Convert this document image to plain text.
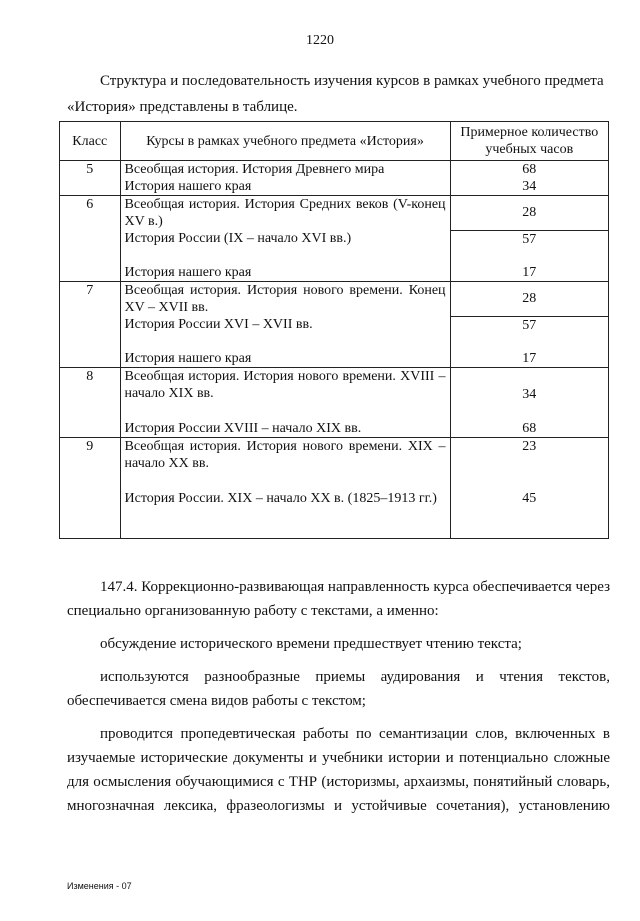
1220
Структура и последовательность изучения курсов в рамках учебного предмета
«История» представлены в таблице.
Класс	Курсы в рамках учебного предмета «История»	Примерное количество учебных часов
5	Всеобщая история. История Древнего мира	68
	История нашего края	34
6	Всеобщая история. История Средних веков (V-конец XV в.)	28
	История России (IX – начало XVI вв.)	57
	История нашего края	17
7	Всеобщая история. История нового времени. Конец XV – XVII вв.	28
	История России XVI – XVII вв.	57
	История нашего края	17
8	Всеобщая история. История нового времени. XVIII – начало XIX вв.	34
	История России XVIII – начало XIX вв.	68
9	Всеобщая история. История нового времени. XIX – начало XX вв.	23
	История России. XIX – начало XX в. (1825–1913 гг.)	45

147.4. Коррекционно-развивающая направленность курса обеспечивается через специально организованную работу с текстами, а именно:

обсуждение исторического времени предшествует чтению текста;

используются разнообразные приемы аудирования и чтения текстов, обеспечивается смена видов работы с текстом;

проводится пропедевтическая работы по семантизации слов, включенных в изучаемые исторические документы и учебники истории и потенциально сложные для осмысления обучающимися с ТНР (историзмы, архаизмы, понятийный словарь, многозначная лексика, фразеологизмы и устойчивые сочетания), установлению

Изменения - 07
